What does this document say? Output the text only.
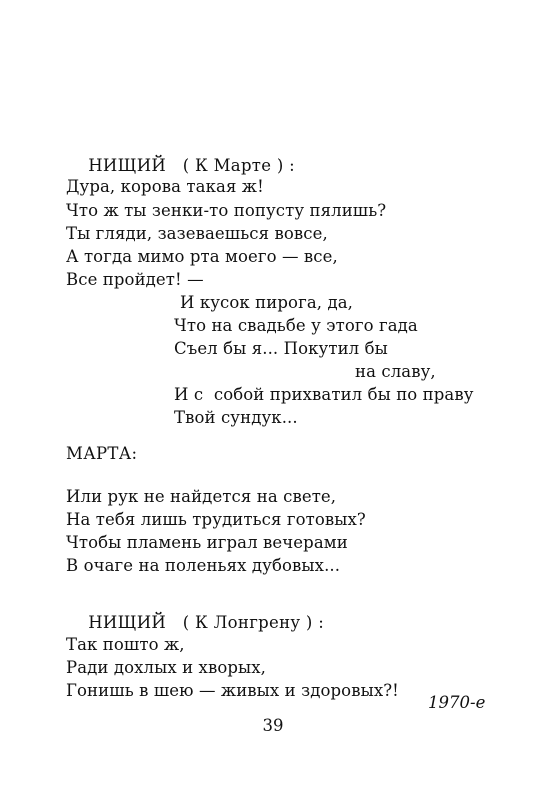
НИЩИЙ ( К Марте ) :

Дура, корова такая ж!
Что ж ты зенки-то попусту пялишь?
Ты гляди, зазеваешься вовсе,
А тогда мимо рта моего — все,
Все пройдет! —
И кусок пирога, да,
Что на свадьбе у этого гада
Съел бы я... Покутил бы
на славу,
И с  собой прихватил бы по праву
Твой сундук...
МАРТА:
Или рук не найдется на свете,
На тебя лишь трудиться готовых?
Чтобы пламень играл вечерами
В очаге на поленьях дубовых...

НИЩИЙ ( К Лонгрену ) :

Так пошто ж,
Ради дохлых и хворых,
Гонишь в шею — живых и здоровых?!
1970-е
39
